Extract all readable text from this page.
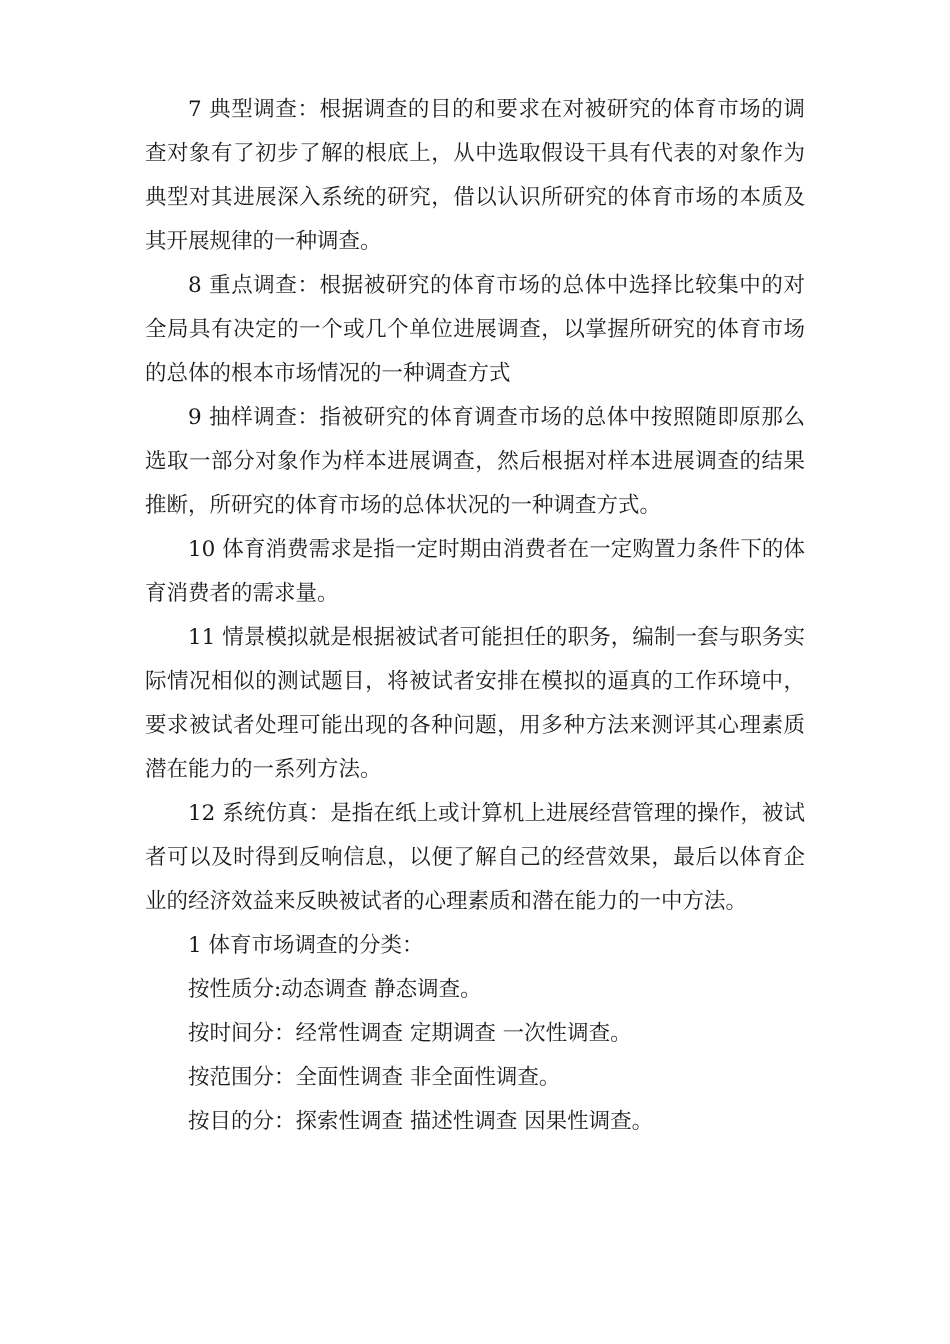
7 典型调查：根据调查的目的和要求在对被研究的体育市场的调查对象有了初步了解的根底上，从中选取假设干具有代表的对象作为典型对其进展深入系统的研究，借以认识所研究的体育市场的本质及其开展规律的一种调查。

8 重点调查：根据被研究的体育市场的总体中选择比较集中的对全局具有决定的一个或几个单位进展调查，以掌握所研究的体育市场的总体的根本市场情况的一种调查方式

9 抽样调查：指被研究的体育调查市场的总体中按照随即原那么选取一部分对象作为样本进展调查，然后根据对样本进展调查的结果推断，所研究的体育市场的总体状况的一种调查方式。

10 体育消费需求是指一定时期由消费者在一定购置力条件下的体育消费者的需求量。

11 情景模拟就是根据被试者可能担任的职务，编制一套与职务实际情况相似的测试题目，将被试者安排在模拟的逼真的工作环境中，要求被试者处理可能出现的各种问题，用多种方法来测评其心理素质潜在能力的一系列方法。

12 系统仿真：是指在纸上或计算机上进展经营管理的操作，被试者可以及时得到反响信息，以便了解自己的经营效果，最后以体育企业的经济效益来反映被试者的心理素质和潜在能力的一中方法。

1 体育市场调查的分类：

按性质分:动态调查 静态调查。

按时间分：经常性调查 定期调查 一次性调查。

按范围分：全面性调查 非全面性调查。

按目的分：探索性调查 描述性调查 因果性调查。
